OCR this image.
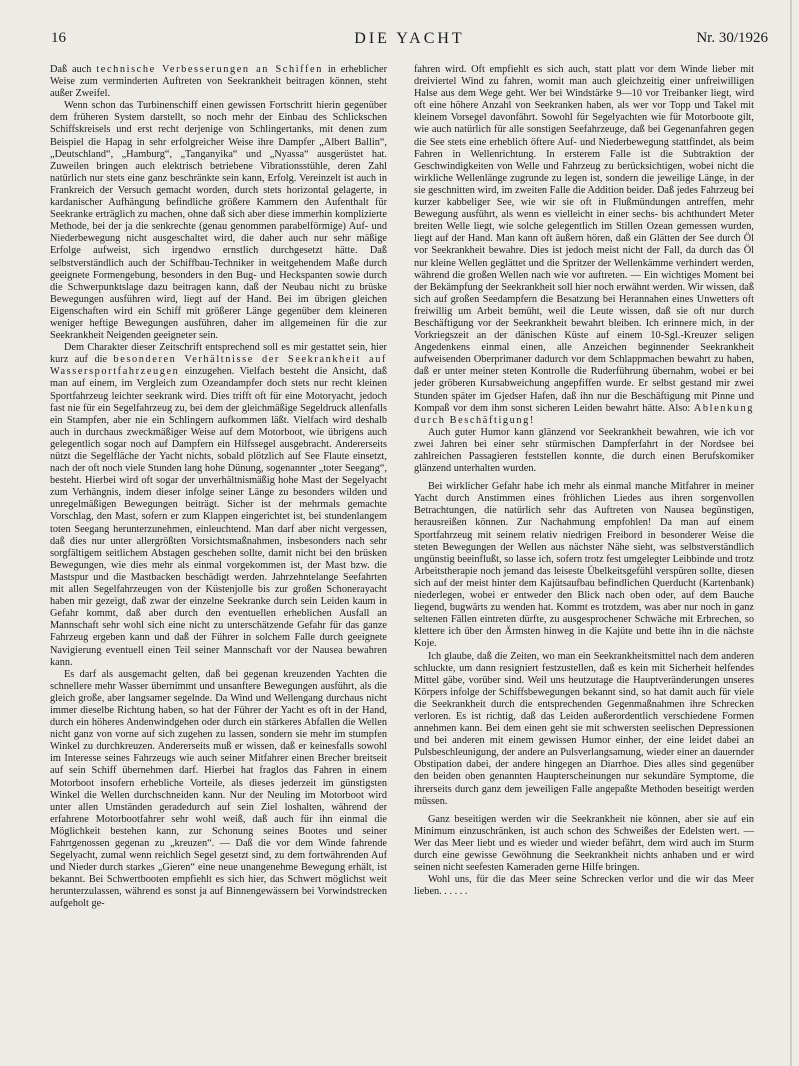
16	DIE YACHT	Nr. 30/1926

Daß auch technische Verbesserungen an Schiffen in erheblicher Weise zum verminderten Auftreten von Seekrankheit beitragen können, steht außer Zweifel.

Wenn schon das Turbinenschiff einen gewissen Fortschritt hierin gegenüber dem früheren System darstellt, so noch mehr der Einbau des Schlickschen Schiffskreisels und erst recht derjenige von Schlingertanks, mit denen zum Beispiel die Hapag in sehr erfolgreicher Weise ihre Dampfer „Albert Ballin“, „Deutschland“, „Hamburg“, „Tanganyika“ und „Nyassa“ ausgerüstet hat. Zuweilen bringen auch elektrisch betriebene Vibrationsstühle, deren Zahl natürlich nur stets eine ganz beschränkte sein kann, Erfolg. Vereinzelt ist auch in Frankreich der Versuch gemacht worden, durch stets horizontal gelagerte, in kardanischer Aufhängung befindliche größere Kammern den Aufenthalt für Seekranke erträglich zu machen, ohne daß sich aber diese immerhin komplizierte Methode, bei der ja die senkrechte (genau genommen parabelförmige) Auf- und Niederbewegung nicht ausgeschaltet wird, die daher auch nur sehr mäßige Erfolge aufweist, sich irgendwo ernstlich durchgesetzt hätte. Daß selbstverständlich auch der Schiffbau-Techniker in weitgehendem Maße durch geeignete Formengebung, besonders in den Bug- und Heckspanten sowie durch die Schwerpunktslage dazu beitragen kann, daß der Neubau nicht zu brüske Bewegungen ausführen wird, liegt auf der Hand. Bei im übrigen gleichen Eigenschaften wird ein Schiff mit größerer Länge gegenüber dem kleineren weniger heftige Bewegungen ausführen, daher im allgemeinen für die zur Seekrankheit Neigenden geeigneter sein.

Dem Charakter dieser Zeitschrift entsprechend soll es mir gestattet sein, hier kurz auf die besonderen Verhältnisse der Seekrankheit auf Wassersportfahrzeugen einzugehen. Vielfach besteht die Ansicht, daß man auf einem, im Vergleich zum Ozeandampfer doch stets nur recht kleinen Sportfahrzeug leichter seekrank wird. Dies trifft oft für eine Motoryacht, jedoch fast nie für ein Segelfahrzeug zu, bei dem der gleichmäßige Segeldruck allenfalls ein Stampfen, aber nie ein Schlingern aufkommen läßt. Vielfach wird deshalb auch in durchaus zweckmäßiger Weise auf dem Motorboot, wie übrigens auch gelegentlich sogar noch auf Dampfern ein Hilfssegel ausgebracht. Andererseits nützt die Segelfläche der Yacht nichts, sobald plötzlich auf See Flaute einsetzt, nach der oft noch viele Stunden lang hohe Dünung, sogenannter „toter Seegang“, besteht. Hierbei wird oft sogar der unverhältnismäßig hohe Mast der Segelyacht zum Verhängnis, indem dieser infolge seiner Länge zu besonders wilden und unregelmäßigen Bewegungen beiträgt. Sicher ist der mehrmals gemachte Vorschlag, den Mast, sofern er zum Klappen eingerichtet ist, bei stundenlangem toten Seegang herunterzunehmen, einleuchtend. Man darf aber nicht vergessen, daß dies nur unter allergrößten Vorsichtsmaßnahmen, insbesonders nach sehr sorgfältigem seitlichem Abstagen geschehen sollte, damit nicht bei den brüsken Bewegungen, wie dies mehr als einmal vorgekommen ist, der Mast bzw. die Mastspur und die Mastbacken beschädigt werden. Jahrzehntelange Seefahrten mit allen Segelfahrzeugen von der Küstenjolle bis zur großen Schonerayacht haben mir gezeigt, daß zwar der einzelne Seekranke durch sein Leiden kaum in Gefahr kommt, daß aber durch den eventuellen erheblichen Ausfall an Mannschaft sehr wohl sich eine nicht zu unterschätzende Gefahr für das ganze Fahrzeug ergeben kann und daß der Führer in solchem Falle durch geeignete Navigierung eventuell einen Teil seiner Mannschaft vor der Nausea bewahren kann.

Es darf als ausgemacht gelten, daß bei gegenan kreuzenden Yachten die schnellere mehr Wasser übernimmt und unsanftere Bewegungen ausführt, als die gleich große, aber langsamer segelnde. Da Wind und Wellengang durchaus nicht immer dieselbe Richtung haben, so hat der Führer der Yacht es oft in der Hand, durch ein höheres Andenwindgehen oder durch ein stärkeres Abfallen die Wellen nicht ganz von vorne auf sich zugehen zu lassen, sondern sie mehr im stumpfen Winkel zu durchkreuzen. Andererseits muß er wissen, daß er keinesfalls sowohl im Interesse seines Fahrzeugs wie auch seiner Mitfahrer einen Brecher breitseit auf sein Schiff übernehmen darf. Hierbei hat fraglos das Fahren in einem Motorboot insofern erhebliche Vorteile, als dieses jederzeit im günstigsten Winkel die Wellen durchschneiden kann. Nur der Neuling im Motorboot wird unter allen Umständen geradedurch auf sein Ziel loshalten, während der erfahrene Motorbootfahrer sehr wohl weiß, daß auch für ihn einmal die Möglichkeit bestehen kann, zur Schonung seines Bootes und seiner Fahrtgenossen gegenan zu „kreuzen“. — Daß die vor dem Winde fahrende Segelyacht, zumal wenn reichlich Segel gesetzt sind, zu dem fortwährenden Auf und Nieder durch starkes „Gieren“ eine neue unangenehme Bewegung erhält, ist bekannt. Bei Schwertbooten empfiehlt es sich hier, das Schwert möglichst weit herunterzulassen, während es sonst ja auf Binnengewässern bei Vorwindstrecken aufgeholt ge-

fahren wird. Oft empfiehlt es sich auch, statt platt vor dem Winde lieber mit dreiviertel Wind zu fahren, womit man auch gleichzeitig einer unfreiwilligen Halse aus dem Wege geht. Wer bei Windstärke 9—10 vor Treibanker liegt, wird oft eine höhere Anzahl von Seekranken haben, als wer vor Topp und Takel mit kleinem Vorsegel davonfährt. Sowohl für Segelyachten wie für Motorboote gilt, wie auch natürlich für alle sonstigen Seefahrzeuge, daß bei Gegenanfahren gegen die See stets eine erheblich öftere Auf- und Niederbewegung stattfindet, als beim Fahren in Wellenrichtung. In ersterem Falle ist die Subtraktion der Geschwindigkeiten von Welle und Fahrzeug zu berücksichtigen, wobei nicht die wirkliche Wellenlänge zugrunde zu legen ist, sondern die jeweilige Länge, in der sie geschnitten wird, im zweiten Falle die Addition beider. Daß jedes Fahrzeug bei kurzer kabbeliger See, wie wir sie oft in Flußmündungen antreffen, mehr Bewegung ausführt, als wenn es vielleicht in einer sechs- bis achthundert Meter breiten Welle liegt, wie solche gelegentlich im Stillen Ozean gemessen wurden, liegt auf der Hand. Man kann oft äußern hören, daß ein Glätten der See durch Öl vor Seekrankheit bewahre. Dies ist jedoch meist nicht der Fall, da durch das Öl nur kleine Wellen geglättet und die Spritzer der Wellenkämme verhindert werden, während die großen Wellen nach wie vor auftreten. — Ein wichtiges Moment bei der Bekämpfung der Seekrankheit soll hier noch erwähnt werden. Wir wissen, daß sich auf großen Seedampfern die Besatzung bei Herannahen eines Unwetters oft freiwillig um Arbeit bemüht, weil die Leute wissen, daß sie oft nur durch Beschäftigung vor der Seekrankheit bewahrt bleiben. Ich erinnere mich, in der Vorkriegszeit an der dänischen Küste auf einem 10-Sgl.-Kreuzer seligen Angedenkens einmal einen, alle Anzeichen beginnender Seekrankheit aufweisenden Oberprimaner dadurch vor dem Schlappmachen bewahrt zu haben, daß er unter meiner steten Kontrolle die Ruderführung übernahm, wobei er bei jeder gröberen Kursabweichung angepfiffen wurde. Er selbst gestand mir zwei Stunden später im Gjedser Hafen, daß ihn nur die Beschäftigung mit Pinne und Kompaß vor dem ihm sonst sicheren Leiden bewahrt hätte. Also: Ablenkung durch Beschäftigung!

Auch guter Humor kann glänzend vor Seekrankheit bewahren, wie ich vor zwei Jahren bei einer sehr stürmischen Dampferfahrt in der Nordsee bei zahlreichen Passagieren feststellen konnte, die durch einen Berufskomiker glänzend unterhalten wurden.

Bei wirklicher Gefahr habe ich mehr als einmal manche Mitfahrer in meiner Yacht durch Anstimmen eines fröhlichen Liedes aus ihren sorgenvollen Betrachtungen, die natürlich sehr das Auftreten von Nausea begünstigen, herausreißen können. Zur Nachahmung empfohlen! Da man auf einem Sportfahrzeug mit seinem relativ niedrigen Freibord in besonderer Weise die steten Bewegungen der Wellen aus nächster Nähe sieht, was selbstverständlich ungünstig beeinflußt, so lasse ich, sofern trotz fest umgelegter Leibbinde und trotz Arbeitstherapie noch jemand das leiseste Übelkeitsgefühl verspüren sollte, diesen sich auf der meist hinter dem Kajütsaufbau befindlichen Querducht (Kartenbank) niederlegen, wobei er entweder den Blick nach oben oder, auf dem Bauche liegend, bugwärts zu wenden hat. Kommt es trotzdem, was aber nur noch in ganz seltenen Fällen eintreten dürfte, zu ausgesprochener Schwäche mit Erbrechen, so klettere ich über den Ärmsten hinweg in die Kajüte und bette ihn in die nächste Koje.

Ich glaube, daß die Zeiten, wo man ein Seekrankheitsmittel nach dem anderen schluckte, um dann resigniert festzustellen, daß es kein mit Sicherheit helfendes Mittel gäbe, vorüber sind. Weil uns heutzutage die Hauptveränderungen unseres Körpers infolge der Schiffsbewegungen bekannt sind, so hat damit auch für viele die Seekrankheit durch die entsprechenden Gegenmaßnahmen ihre Schrecken verloren. Es ist richtig, daß das Leiden außerordentlich verschiedene Formen annehmen kann. Bei dem einen geht sie mit schwersten seelischen Depressionen und bei anderen mit einem gewissen Humor einher, der eine leidet dabei an Pulsbeschleunigung, der andere an Pulsverlangsamung, wieder einer an dauernder Obstipation dabei, der andere hingegen an Diarrhoe. Dies alles sind gegenüber den beiden oben genannten Haupterscheinungen nur sekundäre Symptome, die ihrerseits durch ganz dem jeweiligen Falle angepaßte Methoden beseitigt werden müssen.

Ganz beseitigen werden wir die Seekrankheit nie können, aber sie auf ein Minimum einzuschränken, ist auch schon des Schweißes der Edelsten wert. — Wer das Meer liebt und es wieder und wieder befährt, dem wird auch im Sturm durch eine gewisse Gewöhnung die Seekrankheit nichts anhaben und er wird seinen nicht seefesten Kameraden gerne Hilfe bringen.

Wohl uns, für die das Meer seine Schrecken verlor und die wir das Meer lieben. . . . . .
